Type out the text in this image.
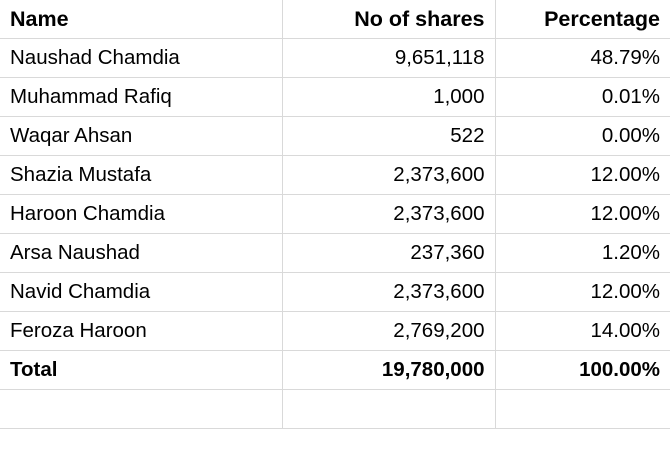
Name	No of shares	Percentage
Naushad Chamdia	9,651,118	48.79%
Muhammad Rafiq	1,000	0.01%
Waqar Ahsan	522	0.00%
Shazia Mustafa	2,373,600	12.00%
Haroon Chamdia	2,373,600	12.00%
Arsa Naushad	237,360	1.20%
Navid Chamdia	2,373,600	12.00%
Feroza Haroon	2,769,200	14.00%
Total	19,780,000	100.00%
